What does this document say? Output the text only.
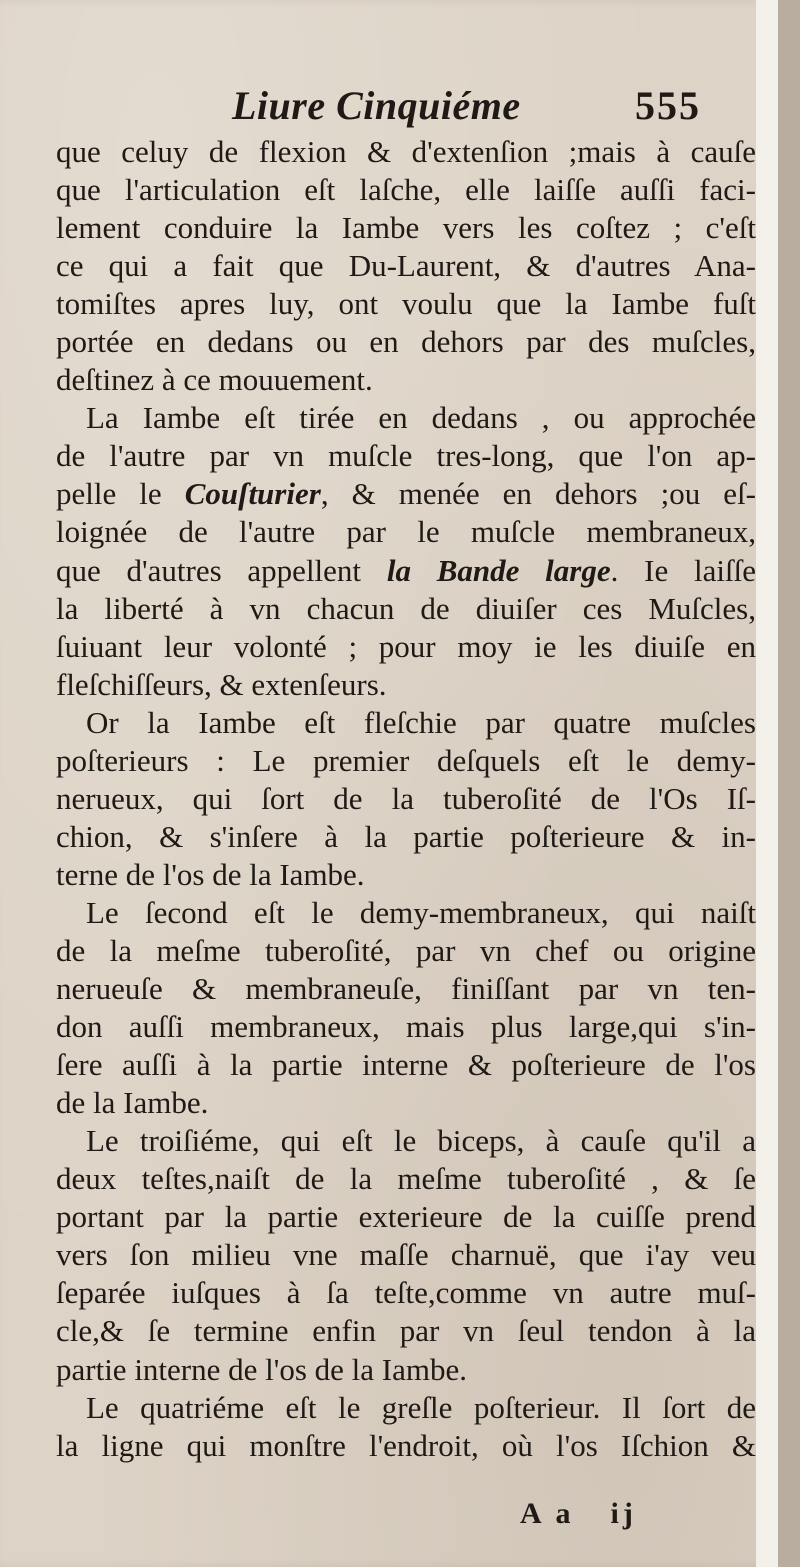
Liure Cinquiéme	555
que celuy de flexion & d'extenſion ;mais à cauſe
que l'articulation eſt laſche, elle laiſſe auſſi faci-
lement conduire la Iambe vers les coſtez ; c'eſt
ce qui a fait que Du-Laurent, & d'autres Ana-
tomiſtes apres luy, ont voulu que la Iambe fuſt
portée en dedans ou en dehors par des muſcles,
deſtinez à ce mouuement.
La Iambe eſt tirée en dedans , ou approchée
de l'autre par vn muſcle tres-long, que l'on ap-
pelle le Couſturier, & menée en dehors ;ou eſ-
loignée de l'autre par le muſcle membraneux,
que d'autres appellent la Bande large. Ie laiſſe
la liberté à vn chacun de diuiſer ces Muſcles,
ſuiuant leur volonté ; pour moy ie les diuiſe en
fleſchiſſeurs, & extenſeurs.
Or la Iambe eſt fleſchie par quatre muſcles
poſterieurs : Le premier deſquels eſt le demy-
nerueux, qui ſort de la tuberoſité de l'Os Iſ-
chion, & s'inſere à la partie poſterieure & in-
terne de l'os de la Iambe.
Le ſecond eſt le demy-membraneux, qui naiſt
de la meſme tuberoſité, par vn chef ou origine
nerueuſe & membraneuſe, finiſſant par vn ten-
don auſſi membraneux, mais plus large,qui s'in-
ſere auſſi à la partie interne & poſterieure de l'os
de la Iambe.
Le troiſiéme, qui eſt le biceps, à cauſe qu'il a
deux teſtes,naiſt de la meſme tuberoſité , & ſe
portant par la partie exterieure de la cuiſſe prend
vers ſon milieu vne maſſe charnuë, que i'ay veu
ſeparée iuſques à ſa teſte,comme vn autre muſ-
cle,& ſe termine enfin par vn ſeul tendon à la
partie interne de l'os de la Iambe.
Le quatriéme eſt le greſle poſterieur. Il ſort de
la ligne qui monſtre l'endroit, où l'os Iſchion &
A a ij
